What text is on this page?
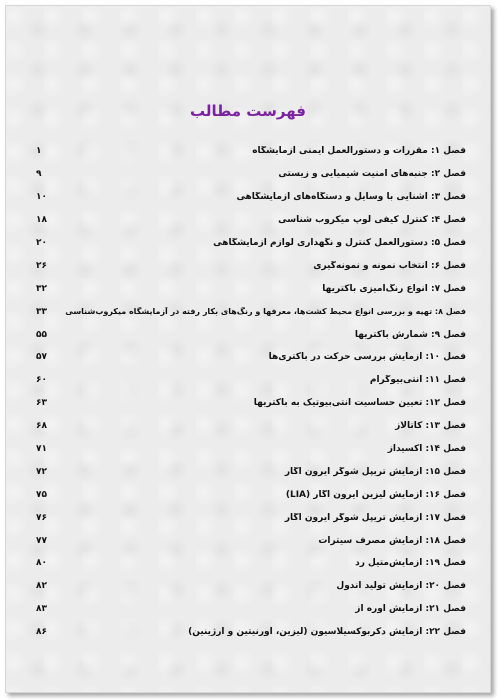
فهرست مطالب
۱	فصل ۱: مقررات و دستورالعمل ایمنی آزمایشگاه
۹	فصل ۲: جنبه‌های امنیت شیمیایی و زیستی
۱۰	فصل ۳: آشنایی با وسایل و دستگاه‌های آزمایشگاهی
۱۸	فصل ۴: کنترل کیفی لوپ میکروب شناسی
۲۰	فصل ۵: دستورالعمل کنترل و نگهداری لوازم آزمایشگاهی
۲۶	فصل ۶: انتخاب نمونه و نمونه‌گیری
۳۲	فصل ۷: انواع رنگ‌آمیزی باکتریها
۳۳	فصل ۸: تهیه و بررسی انواع محیط کشت‌ها، معرفها و رنگ‌های بکار رفته در آزمایشگاه میکروب‌شناسی
۵۵	فصل ۹: شمارش باکتریها
۵۷	فصل ۱۰: آزمایش بررسی حرکت در باکتری‌ها
۶۰	فصل ۱۱: آنتی‌بیوگرام
۶۳	فصل ۱۲: تعیین حساسیت آنتی‌بیوتیک به باکتریها
۶۸	فصل ۱۳: کاتالاز
۷۱	فصل ۱۴: اکسیداز
۷۲	فصل ۱۵: آزمایش تریپل شوگر آیرون آگار
۷۵	فصل ۱۶: آزمایش لیزین آیرون آگار (LIA)
۷۶	فصل ۱۷: آزمایش تریپل شوگر آیرون آگار
۷۷	فصل ۱۸: آزمایش مصرف سیترات
۸۰	فصل ۱۹: آزمایش‌متیل رد
۸۲	فصل ۲۰: آزمایش تولید اندول
۸۳	فصل ۲۱: آزمایش اوره آز
۸۶	فصل ۲۲: آزمایش دکربوکسیلاسیون (لیزین، اورنیتین و آرژینین)
